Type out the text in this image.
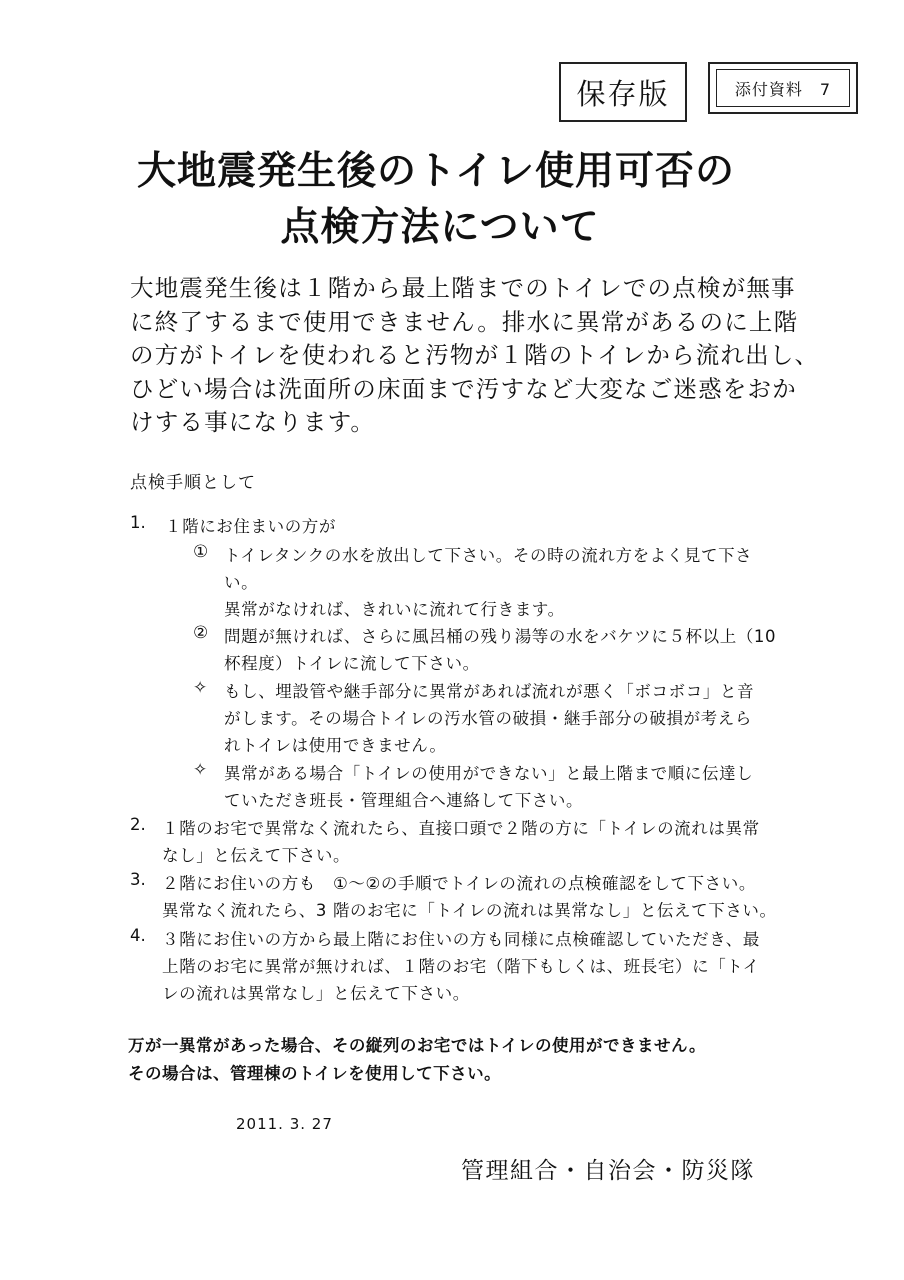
保存版	添付資料　7
大地震発生後のトイレ使用可否の
点検方法について
大地震発生後は１階から最上階までのトイレでの点検が無事
に終了するまで使用できません。排水に異常があるのに上階
の方がトイレを使われると汚物が１階のトイレから流れ出し、
ひどい場合は洗面所の床面まで汚すなど大変なご迷惑をおか
けする事になります。
点検手順として
1. １階にお住まいの方が
① トイレタンクの水を放出して下さい。その時の流れ方をよく見て下さ
い。
異常がなければ、きれいに流れて行きます。
② 問題が無ければ、さらに風呂桶の残り湯等の水をバケツに５杯以上（10
杯程度）トイレに流して下さい。
✧ もし、埋設管や継手部分に異常があれば流れが悪く「ボコボコ」と音
がします。その場合トイレの汚水管の破損・継手部分の破損が考えら
れトイレは使用できません。
✧ 異常がある場合「トイレの使用ができない」と最上階まで順に伝達し
ていただき班長・管理組合へ連絡して下さい。
2. １階のお宅で異常なく流れたら、直接口頭で２階の方に「トイレの流れは異常
なし」と伝えて下さい。
3. ２階にお住いの方も　①～②の手順でトイレの流れの点検確認をして下さい。
異常なく流れたら、3 階のお宅に「トイレの流れは異常なし」と伝えて下さい。
4. ３階にお住いの方から最上階にお住いの方も同様に点検確認していただき、最
上階のお宅に異常が無ければ、１階のお宅（階下もしくは、班長宅）に「トイ
レの流れは異常なし」と伝えて下さい。
万が一異常があった場合、その縦列のお宅ではトイレの使用ができません。
その場合は、管理棟のトイレを使用して下さい。
2011. 3. 27
管理組合・自治会・防災隊
